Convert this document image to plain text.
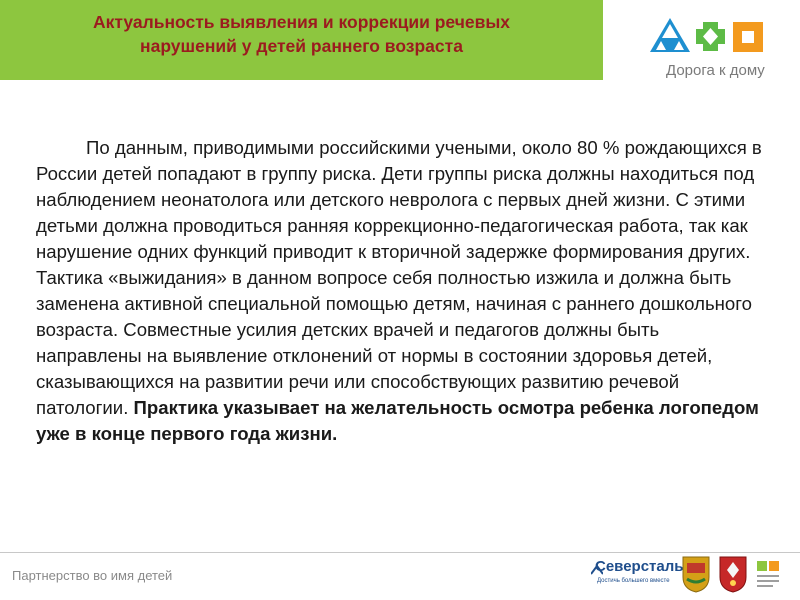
Актуальность выявления и коррекции речевых
нарушений у детей раннего возраста
Дорога к дому
По данным, приводимыми российскими учеными, около 80 % рождающихся в России детей попадают в группу риска. Дети группы риска должны находиться под наблюдением неонатолога или детского невролога с первых дней жизни. С этими детьми должна проводиться ранняя коррекционно-педагогическая работа, так как нарушение одних функций приводит к вторичной задержке формирования других. Тактика «выжидания» в данном вопросе себя полностью изжила и должна быть заменена активной специальной помощью детям, начиная с раннего дошкольного возраста. Совместные усилия детских врачей и педагогов должны быть направлены на выявление отклонений от нормы в состоянии здоровья детей, сказывающихся на развитии речи или способствующих развитию речевой патологии. Практика указывает на желательность осмотра ребенка логопедом уже в конце первого года жизни.
Партнерство во имя детей
Северсталь
Достичь большего вместе
